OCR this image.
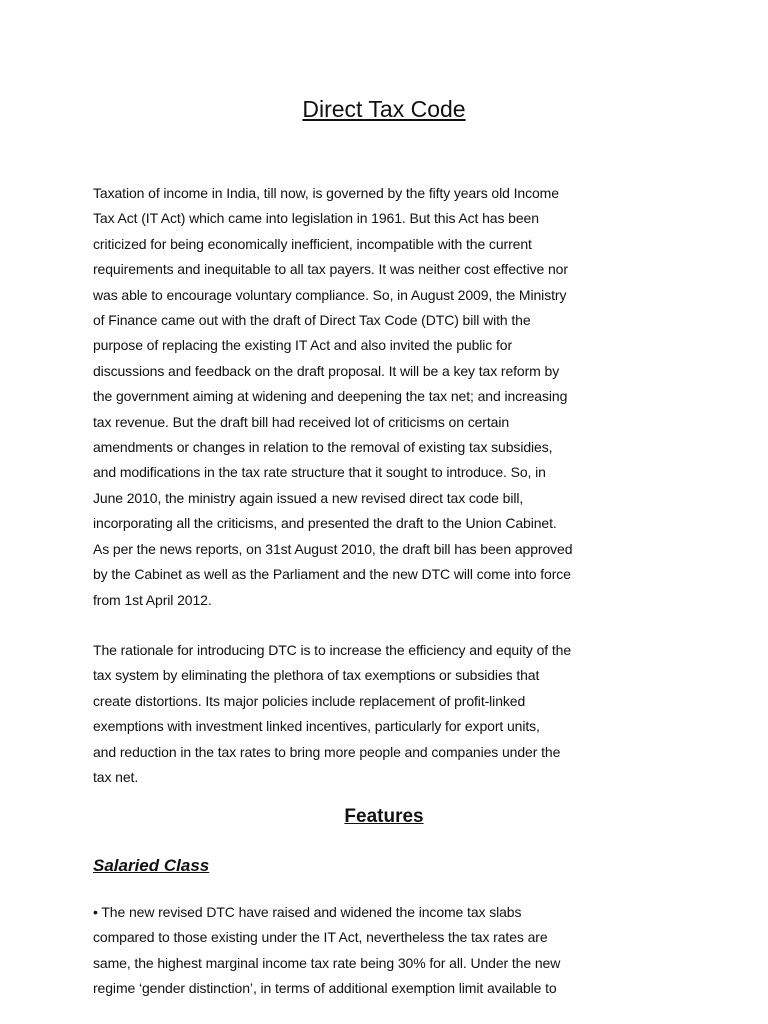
Direct Tax Code
Taxation of income in India, till now, is governed by the fifty years old Income
Tax Act (IT Act) which came into legislation in 1961. But this Act has been
criticized for being economically inefficient, incompatible with the current
requirements and inequitable to all tax payers. It was neither cost effective nor
was able to encourage voluntary compliance. So, in August 2009, the Ministry
of Finance came out with the draft of Direct Tax Code (DTC) bill with the
purpose of replacing the existing IT Act and also invited the public for
discussions and feedback on the draft proposal. It will be a key tax reform by
the government aiming at widening and deepening the tax net; and increasing
tax revenue. But the draft bill had received lot of criticisms on certain
amendments or changes in relation to the removal of existing tax subsidies,
and modifications in the tax rate structure that it sought to introduce. So, in
June 2010, the ministry again issued a new revised direct tax code bill,
incorporating all the criticisms, and presented the draft to the Union Cabinet.
As per the news reports, on 31st August 2010, the draft bill has been approved
by the Cabinet as well as the Parliament and the new DTC will come into force
from 1st April 2012.
The rationale for introducing DTC is to increase the efficiency and equity of the
tax system by eliminating the plethora of tax exemptions or subsidies that
create distortions. Its major policies include replacement of profit-linked
exemptions with investment linked incentives, particularly for export units,
and reduction in the tax rates to bring more people and companies under the
tax net.
Features
Salaried Class
• The new revised DTC have raised and widened the income tax slabs
compared to those existing under the IT Act, nevertheless the tax rates are
same, the highest marginal income tax rate being 30% for all. Under the new
regime ‘gender distinction’, in terms of additional exemption limit available to
